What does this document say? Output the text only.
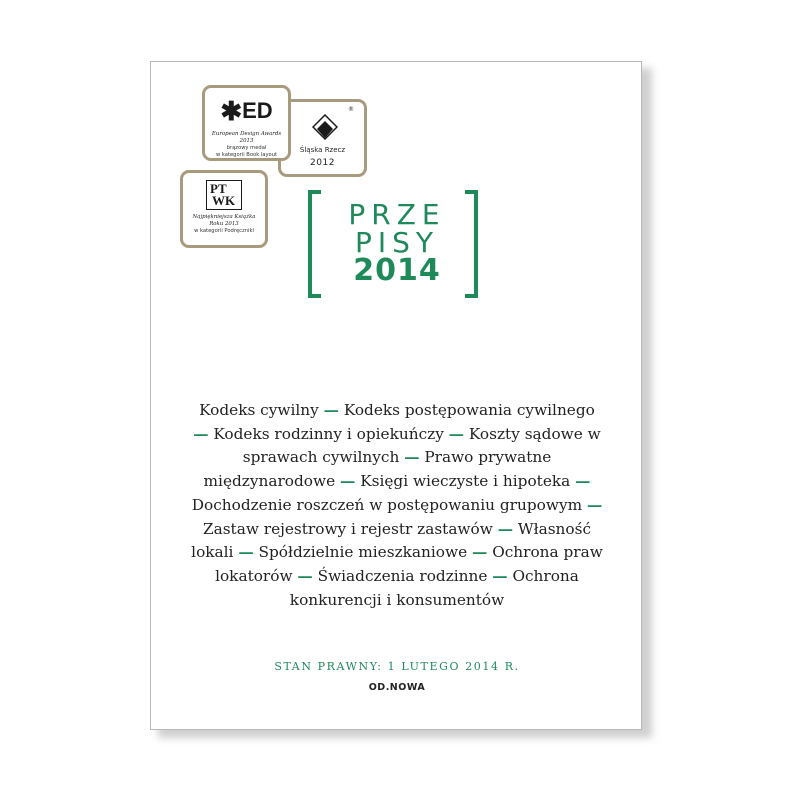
®
Śląska Rzecz
2012
✱ED
European Design Awards 2013
brązowy medal
w kategorii Book layout
PT
WK
Najpiękniejsza Książka
Roku 2013
w kategorii Podręczniki	PRZE
PISY
2014
Kodeks cywilny — Kodeks postępowania cywilnego — Kodeks rodzinny i opiekuńczy — Koszty sądowe w sprawach cywilnych — Prawo prywatne międzynarodowe — Księgi wieczyste i hipoteka — Dochodzenie roszczeń w postępowaniu grupowym — Zastaw rejestrowy i rejestr zastawów — Własność lokali — Spółdzielnie mieszkaniowe — Ochrona praw lokatorów — Świadczenia rodzinne — Ochrona konkurencji i konsumentów
STAN PRAWNY: 1 LUTEGO 2014 R.
OD.NOWA
